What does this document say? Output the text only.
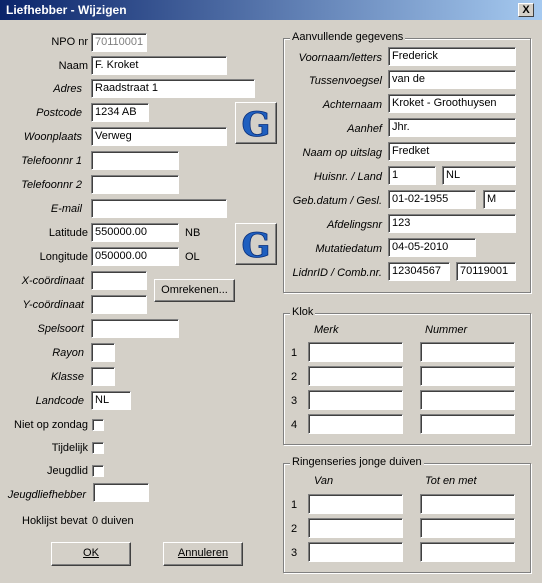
Liefhebber - Wijzigen	X
NPO nr 70110001
Naam F. Kroket
Adres	Raadstraat 1
Postcode	1234 AB
Woonplaats	Verweg	G
Telefoonnr 1
Telefoonnr 2
E-mail
Latitude 550000.00	NB
Longitude 050000.00	OL G
X-coördinaat
Omrekenen...
Y-coördinaat
Spelsoort
Rayon
Klasse
Landcode	NL
Niet op zondag
Tijdelijk
Jeugdlid
Jeugdliefhebber
Hoklijst bevat 0 duiven
OK	Annuleren
Aanvullende gegevens
Voornaam/letters Frederick
Tussenvoegsel van de
Achternaam Kroket - Groothuysen
Aanhef Jhr.
Naam op uitslag Fredket
Huisnr. / Land 1	NL
Geb.datum / Gesl. 01-02-1955	M
Afdelingsnr 123
Mutatiedatum 04-05-2010
LidnrID / Comb.nr. 12304567	70119001
Klok
Merk	Nummer
1
2
3
4
Ringenseries jonge duiven
Van	Tot en met
1
2
3
